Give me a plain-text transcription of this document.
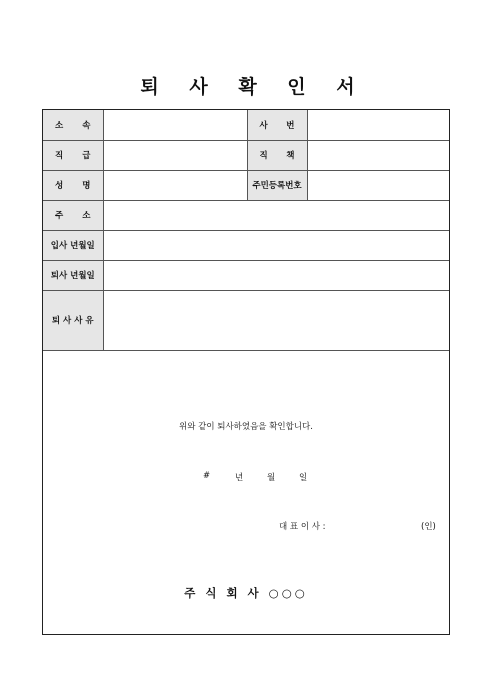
퇴 사 확 인 서
소 속		사 번	

직 급		직 책	

성 명		주민등록번호	

주 소			

입사 년월일			
퇴사 년월일			
퇴 사 사 유			
위와 같이 퇴사하였음을 확인합니다.
#	년	월	일
대 표 이 사 :	(인)
주 식 회 사 ○○○
